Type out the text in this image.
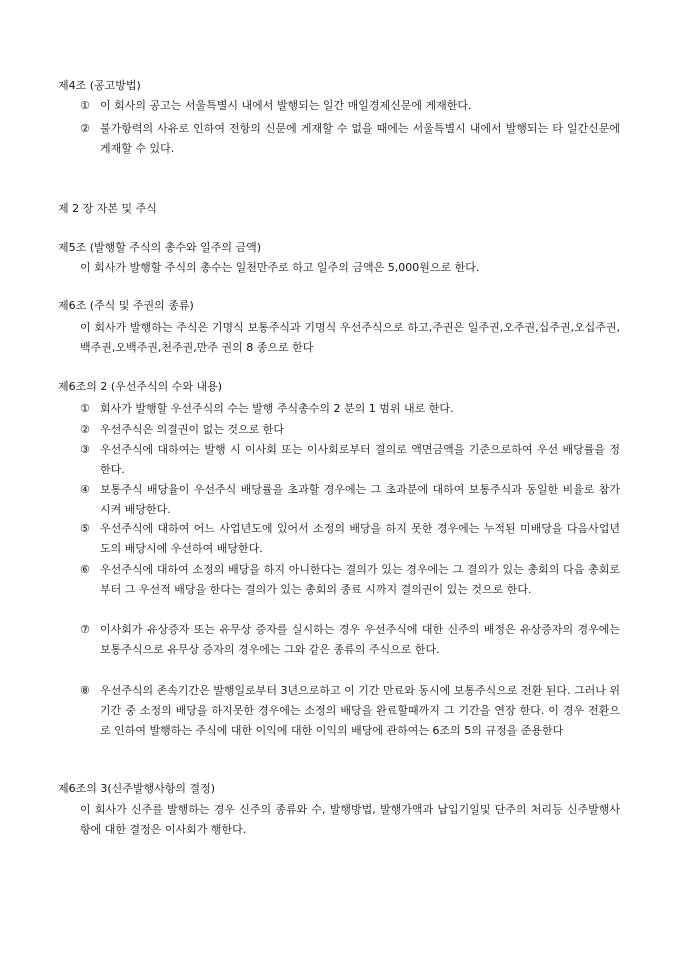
제4조 (공고방법)
① 이 회사의 공고는 서울특별시 내에서 발행되는 일간 매일경제신문에 게재한다.
② 불가항력의 사유로 인하여 전항의 신문에 게재할 수 없을 때에는 서울특별시 내에서 발행되는 타 일간신문에 게재할 수 있다.
제 2 장 자본 및 주식
제5조 (발행할 주식의 총수와 일주의 금액)
이 회사가 발행할 주식의 총수는 일천만주로 하고 일주의 금액은 5,000원으로 한다.
제6조 (주식 및 주권의 종류)
이 회사가 발행하는 주식은 기명식 보통주식과 기명식 우선주식으로 하고,주권은 일주권,오주권,십주권,오십주권,백주권,오백주권,천주권,만주 권의 8 종으로 한다
제6조의 2 (우선주식의 수와 내용)
① 회사가 발행할 우선주식의 수는 발행 주식총수의 2 분의 1 범위 내로 한다.
② 우선주식은 의결권이 없는 것으로 한다
③ 우선주식에 대하여는 발행 시 이사회 또는 이사회로부터 결의로 액면금액을 기준으로하여 우선 배당률을 정한다.
④ 보통주식 배당율이 우선주식 배당률을 초과할 경우에는 그 초과분에 대하여 보통주식과 동일한 비율로 참가시켜 배당한다.
⑤ 우선주식에 대하여 어느 사업년도에 있어서 소정의 배당을 하지 못한 경우에는 누적된 미배당을 다음사업년도의 배당시에 우선하여 배당한다.
⑥ 우선주식에 대하여 소정의 배당을 하지 아니한다는 결의가 있는 경우에는 그 결의가 있는 총회의 다음 총회로부터 그 우선적 배당을 한다는 결의가 있는 총회의 종료 시까지 결의권이 있는 것으로 한다.
⑦ 이사회가 유상증자 또는 유무상 증자를 실시하는 경우 우선주식에 대한 신주의 배정은 유상증자의 경우에는 보통주식으로 유무상 증자의 경우에는 그와 같은 종류의 주식으로 한다.
⑧ 우선주식의 존속기간은 발행일로부터 3년으로하고 이 기간 만료와 동시에 보통주식으로 전환 된다. 그러나 위 기간 중 소정의 배당을 하지못한 경우에는 소정의 배당을 완료할때까지 그 기간을 연장 한다. 이 경우 전환으로 인하여 발행하는 주식에 대한 이익에 대한 이익의 배당에 관하여는 6조의 5의 규정을 준용한다
제6조의 3(신주발행사항의 결정)
이 회사가 신주를 발행하는 경우 신주의 종류와 수, 발행방법, 발행가액과 납입기일및 단주의 처리등 신주발행사항에 대한 결정은 이사회가 행한다.
